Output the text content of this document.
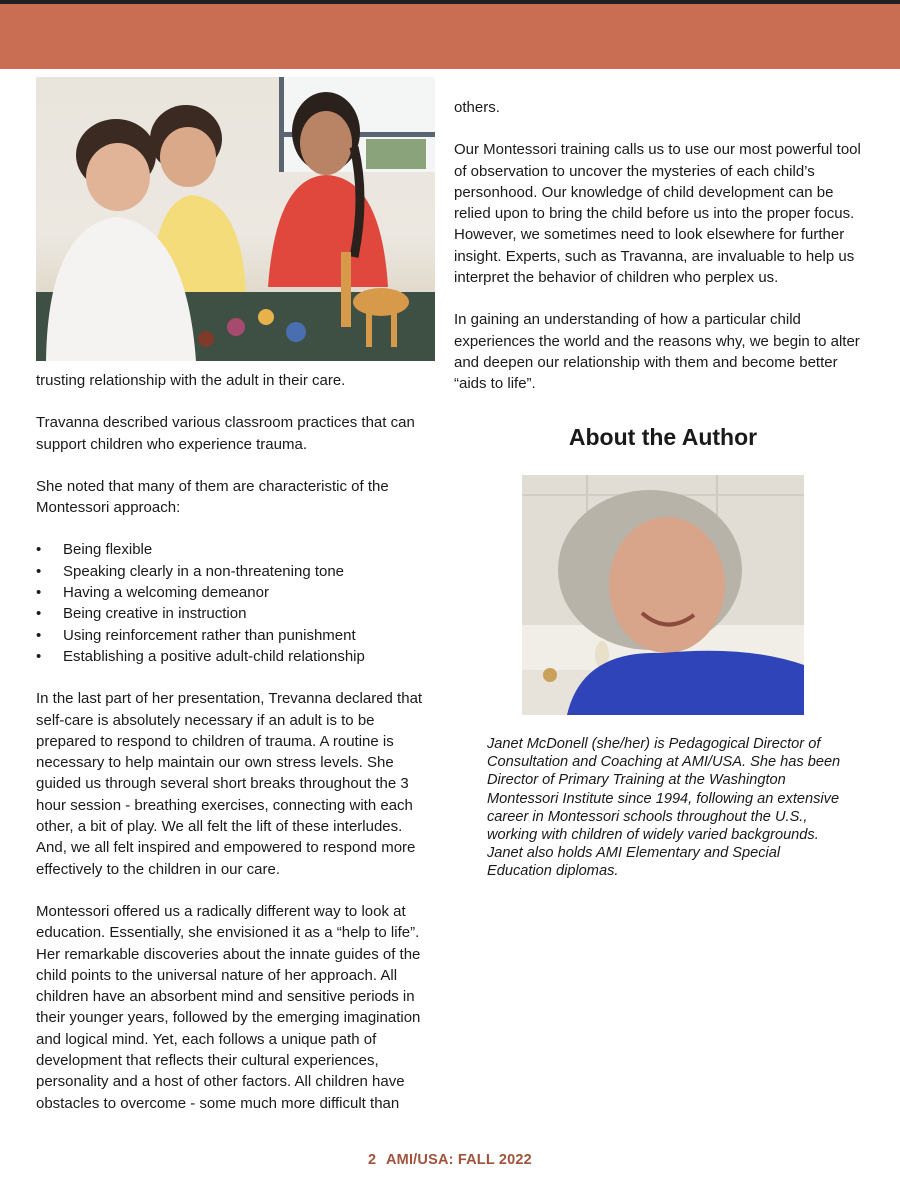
trusting relationship with the adult in their care.

Travanna described various classroom practices that can support children who experience trauma.

She noted that many of them are characteristic of the Montessori approach:

• Being flexible
• Speaking clearly in a non-threatening tone
• Having a welcoming demeanor
• Being creative in instruction
• Using reinforcement rather than punishment
• Establishing a positive adult-child relationship

In the last part of her presentation, Trevanna declared that self-care is absolutely necessary if an adult is to be prepared to respond to children of trauma. A routine is necessary to help maintain our own stress levels. She guided us through several short breaks throughout the 3 hour session - breathing exercises, connecting with each other, a bit of play. We all felt the lift of these interludes. And, we all felt inspired and empowered to respond more effectively to the children in our care.

Montessori offered us a radically different way to look at education. Essentially, she envisioned it as a “help to life”. Her remarkable discoveries about the innate guides of the child points to the universal nature of her approach. All children have an absorbent mind and sensitive periods in their younger years, followed by the emerging imagination and logical mind. Yet, each follows a unique path of development that reflects their cultural experiences, personality and a host of other factors. All children have obstacles to overcome - some much more difficult than

others.

Our Montessori training calls us to use our most powerful tool of observation to uncover the mysteries of each child’s personhood. Our knowledge of child development can be relied upon to bring the child before us into the proper focus. However, we sometimes need to look elsewhere for further insight. Experts, such as Travanna, are invaluable to help us interpret the behavior of children who perplex us.

In gaining an understanding of how a particular child experiences the world and the reasons why, we begin to alter and deepen our relationship with them and become better “aids to life”.

About the Author

Janet McDonell (she/her) is Pedagogical Director of Consultation and Coaching at AMI/USA. She has been Director of Primary Training at the Washington Montessori Institute since 1994, following an extensive career in Montessori schools throughout the U.S., working with children of widely varied backgrounds. Janet also holds AMI Elementary and Special Education diplomas.

2 AMI/USA: FALL 2022
